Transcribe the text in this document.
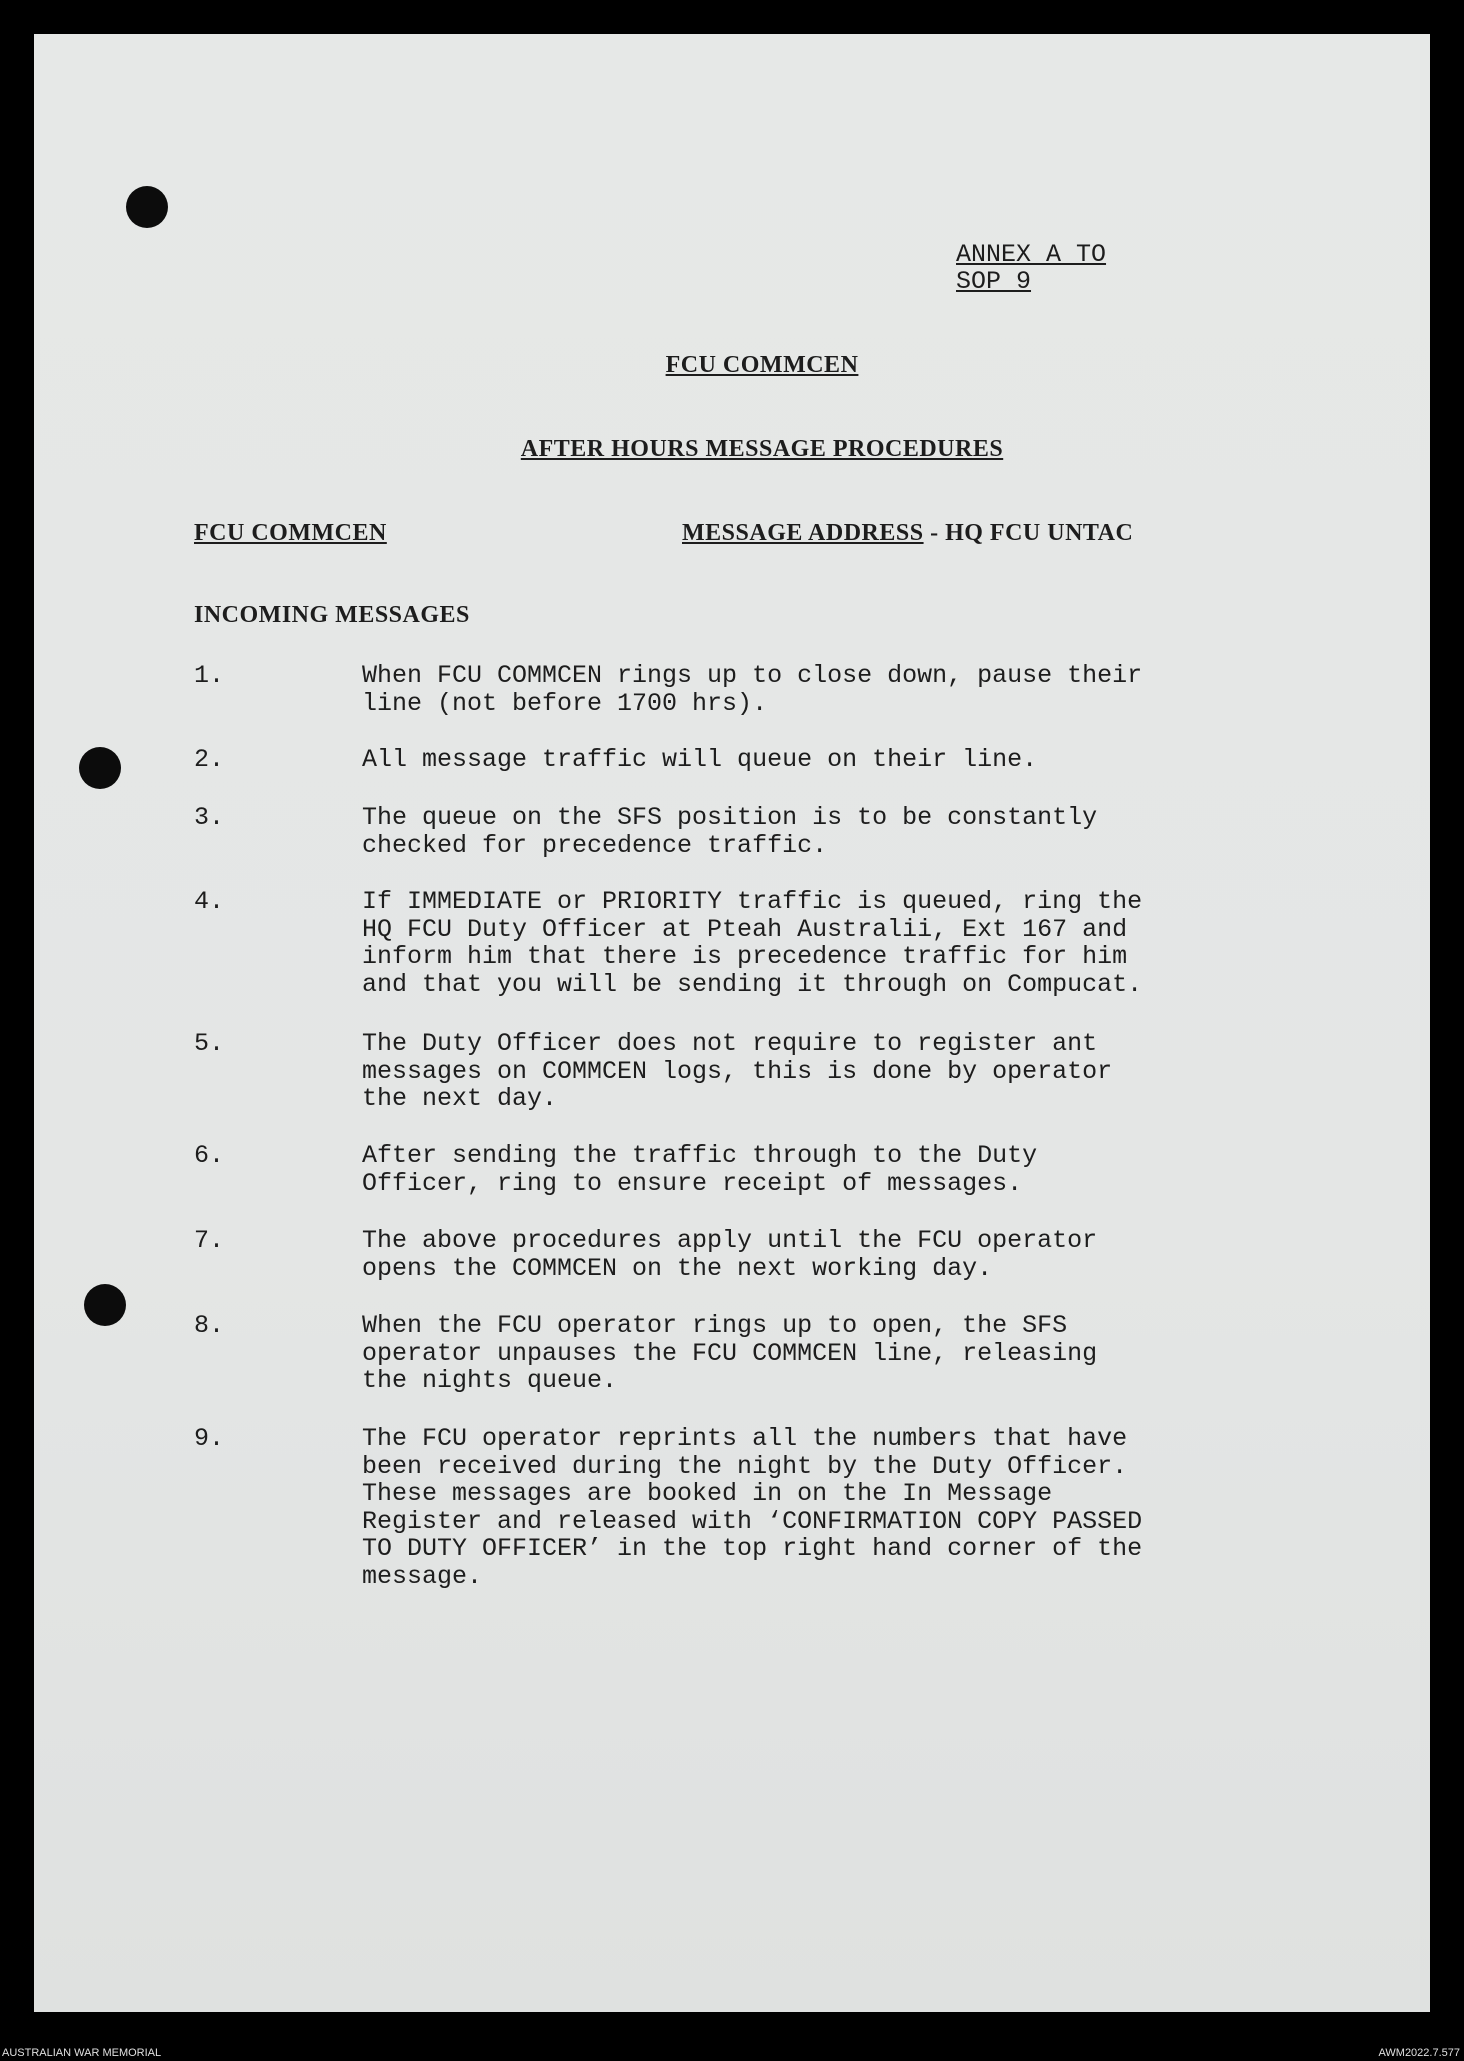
ANNEX A TO
SOP 9
FCU COMMCEN
AFTER HOURS MESSAGE PROCEDURES
FCU COMMCEN	MESSAGE ADDRESS - HQ FCU UNTAC
INCOMING MESSAGES
1.	When FCU COMMCEN rings up to close down, pause their
line (not before 1700 hrs).
2.	All message traffic will queue on their line.
3.	The queue on the SFS position is to be constantly
checked for precedence traffic.
4.	If IMMEDIATE or PRIORITY traffic is queued, ring the
HQ FCU Duty Officer at Pteah Australii, Ext 167 and
inform him that there is precedence traffic for him
and that you will be sending it through on Compucat.
5.	The Duty Officer does not require to register ant
messages on COMMCEN logs, this is done by operator
the next day.
6.	After sending the traffic through to the Duty
Officer, ring to ensure receipt of messages.
7.	The above procedures apply until the FCU operator
opens the COMMCEN on the next working day.
8.	When the FCU operator rings up to open, the SFS
operator unpauses the FCU COMMCEN line, releasing
the nights queue.
9.	The FCU operator reprints all the numbers that have
been received during the night by the Duty Officer.
These messages are booked in on the In Message
Register and released with ‘CONFIRMATION COPY PASSED
TO DUTY OFFICER’ in the top right hand corner of the
message.
AUSTRALIAN WAR MEMORIAL	AWM2022.7.577
